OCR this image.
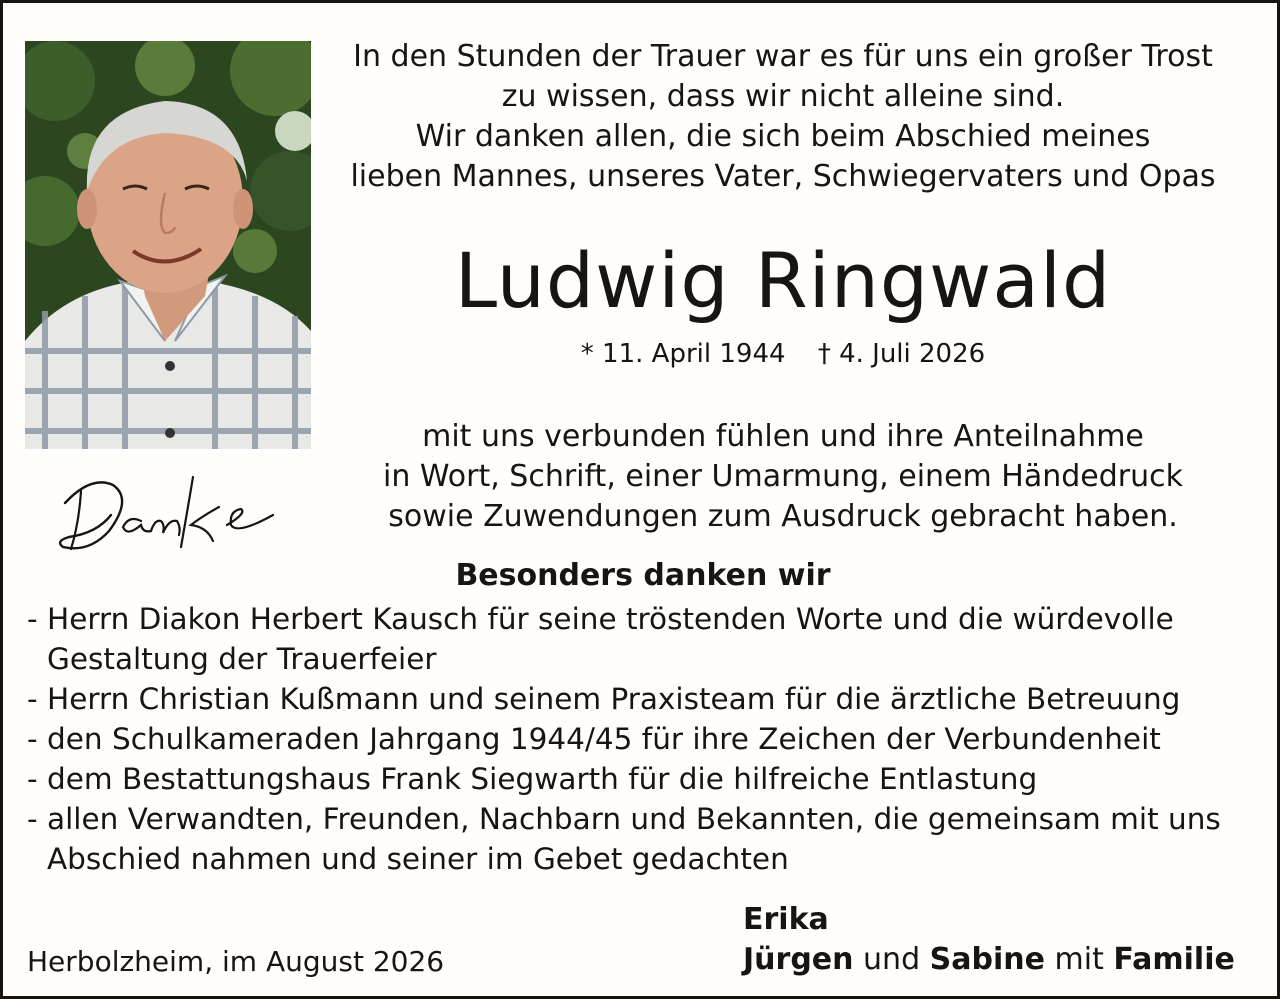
In den Stunden der Trauer war es für uns ein großer Trost
zu wissen, dass wir nicht alleine sind.
Wir danken allen, die sich beim Abschied meines
lieben Mannes, unseres Vater, Schwiegervaters und Opas
Ludwig Ringwald
* 11. April 1944 † 4. Juli 2026
mit uns verbunden fühlen und ihre Anteilnahme
in Wort, Schrift, einer Umarmung, einem Händedruck
sowie Zuwendungen zum Ausdruck gebracht haben.
Besonders danken wir
- Herrn Diakon Herbert Kausch für seine tröstenden Worte und die würdevolle
Gestaltung der Trauerfeier
- Herrn Christian Kußmann und seinem Praxisteam für die ärztliche Betreuung
- den Schulkameraden Jahrgang 1944/45 für ihre Zeichen der Verbundenheit
- dem Bestattungshaus Frank Siegwarth für die hilfreiche Entlastung
- allen Verwandten, Freunden, Nachbarn und Bekannten, die gemeinsam mit uns
Abschied nahmen und seiner im Gebet gedachten
Herbolzheim, im August 2026
Erika
Jürgen und Sabine mit Familie
